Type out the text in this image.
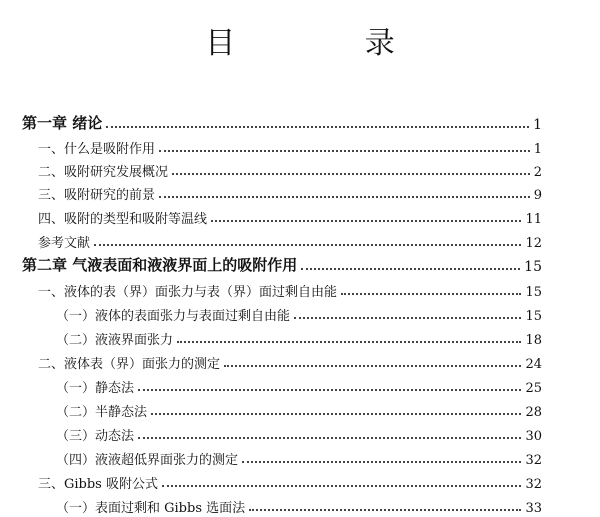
目 录
第一章 绪论	1
一、什么是吸附作用	1
二、吸附研究发展概况	2
三、吸附研究的前景	9
四、吸附的类型和吸附等温线	11
参考文献	12
第二章 气液表面和液液界面上的吸附作用	15
一、液体的表（界）面张力与表（界）面过剩自由能	15
（一）液体的表面张力与表面过剩自由能	15
（二）液液界面张力	18
二、液体表（界）面张力的测定	24
（一）静态法	25
（二）半静态法	28
（三）动态法	30
（四）液液超低界面张力的测定	32
三、Gibbs 吸附公式	32
（一）表面过剩和 Gibbs 选面法	33
